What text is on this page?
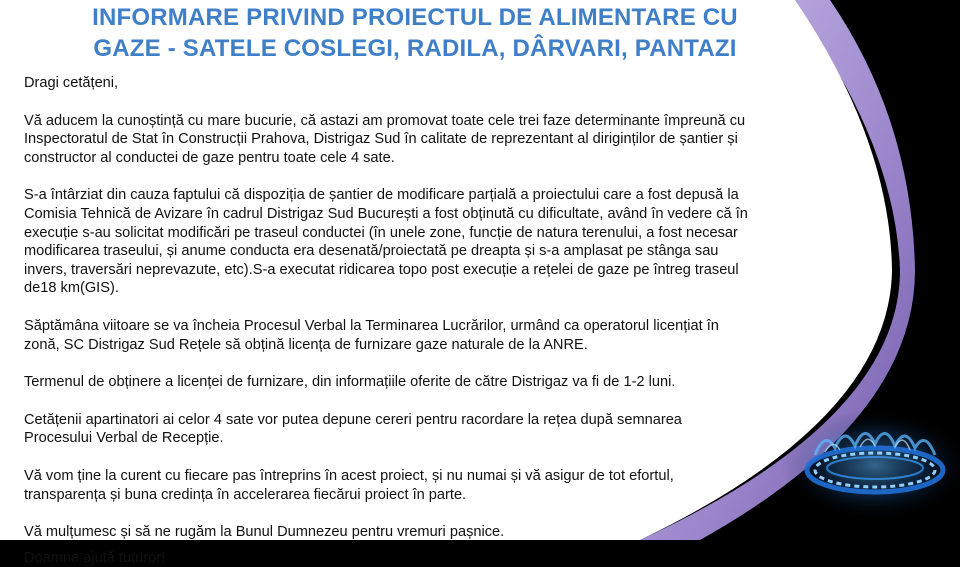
INFORMARE PRIVIND PROIECTUL DE ALIMENTARE CU
GAZE - SATELE COSLEGI, RADILA, DÂRVARI, PANTAZI

Dragi cetățeni,

Vă aducem la cunoștință cu mare bucurie, că astazi am promovat toate cele trei faze determinante împreună cu
Inspectoratul de Stat în Construcții Prahova, Distrigaz Sud în calitate de reprezentant al diriginților de șantier și
constructor al conductei de gaze pentru toate cele 4 sate.

S-a întârziat din cauza faptului că dispoziția de șantier de modificare parțială a proiectului care a fost depusă la
Comisia Tehnică de Avizare în cadrul Distrigaz Sud București a fost obținută cu dificultate, având în vedere că în
execuție s-au solicitat modificări pe traseul conductei (în unele zone, funcție de natura terenului, a fost necesar
modificarea traseului, și anume conducta era desenată/proiectată pe dreapta și s-a amplasat pe stânga sau
invers, traversări neprevazute, etc).S-a executat ridicarea topo post execuție a rețelei de gaze pe întreg traseul
de18 km(GIS).

Săptămâna viitoare se va încheia Procesul Verbal la Terminarea Lucrărilor, urmând ca operatorul licențiat în
zonă, SC Distrigaz Sud Rețele să obțină licența de furnizare gaze naturale de la ANRE.

Termenul de obținere a licenței de furnizare, din informațiile oferite de către Distrigaz va fi de 1-2 luni.

Cetățenii apartinatori ai celor 4 sate vor putea depune cereri pentru racordare la rețea după semnarea
Procesului Verbal de Recepție.

Vă vom ține la curent cu fiecare pas întreprins în acest proiect, și nu numai și vă asigur de tot efortul,
transparența și buna credința în accelerarea fiecărui proiect în parte.

Vă mulțumesc și să ne rugăm la Bunul Dumnezeu pentru vremuri pașnice.

Doamne ajută tuturor!
